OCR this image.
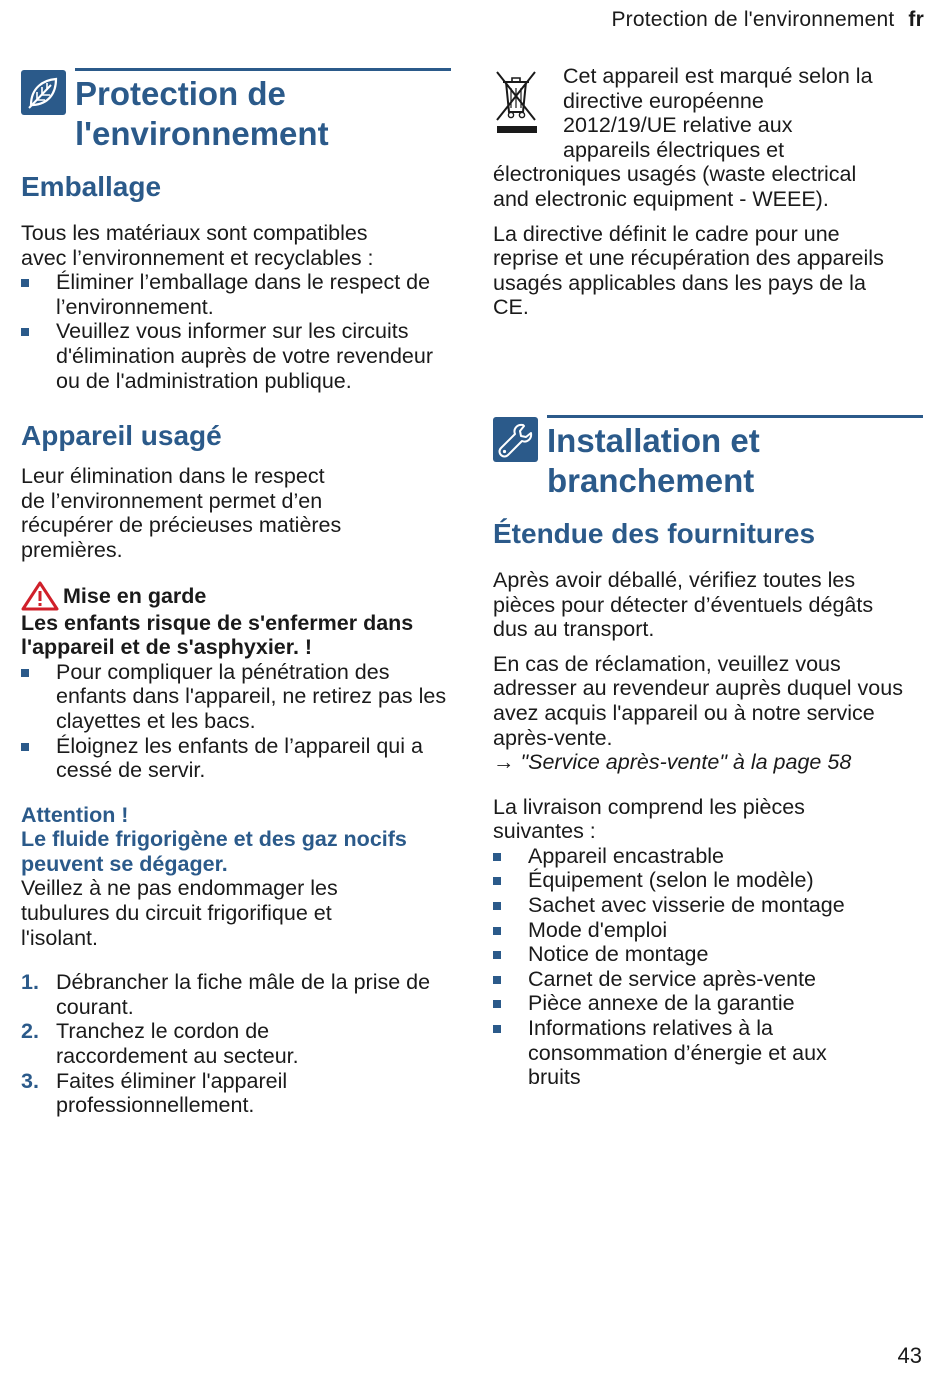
Protection de l'environnement fr
Protection de
l'environnement
Emballage

Tous les matériaux sont compatibles
avec l’environnement et recyclables :

Éliminer l’emballage dans le respect de l’environnement.
Veuillez vous informer sur les circuits d'élimination auprès de votre revendeur ou de l'administration publique.
Appareil usagé

Leur élimination dans le respect
de l’environnement permet d’en
récupérer de précieuses matières
premières.

Mise en garde

Les enfants risque de s'enfermer dans
l'appareil et de s'asphyxier. !

Pour compliquer la pénétration des enfants dans l'appareil, ne retirez pas les clayettes et les bacs.
Éloignez les enfants de l’appareil qui a cessé de servir.

Attention !

Le fluide frigorigène et des gaz nocifs peuvent se dégager.

Veillez à ne pas endommager les tubulures du circuit frigorifique et l'isolant.

1. Débrancher la fiche mâle de la prise de courant.
2. Tranchez le cordon de raccordement au secteur.
3. Faites éliminer l'appareil professionnellement.

Cet appareil est marqué selon la
directive européenne
2012/19/UE relative aux
appareils électriques et

électroniques usagés (waste electrical
and electronic equipment - WEEE).

La directive définit le cadre pour une reprise et une récupération des appareils usagés applicables dans les pays de la CE.

Installation et
branchement
Étendue des fournitures

Après avoir déballé, vérifiez toutes les pièces pour détecter d’éventuels dégâts dus au transport.

En cas de réclamation, veuillez vous adresser au revendeur auprès duquel vous avez acquis l'appareil ou à notre service après-vente.

→ "Service après-vente" à la page 58

La livraison comprend les pièces suivantes :

Appareil encastrable
Équipement (selon le modèle)
Sachet avec visserie de montage
Mode d'emploi
Notice de montage
Carnet de service après-vente
Pièce annexe de la garantie
Informations relatives à la consommation d’énergie et aux bruits
43
